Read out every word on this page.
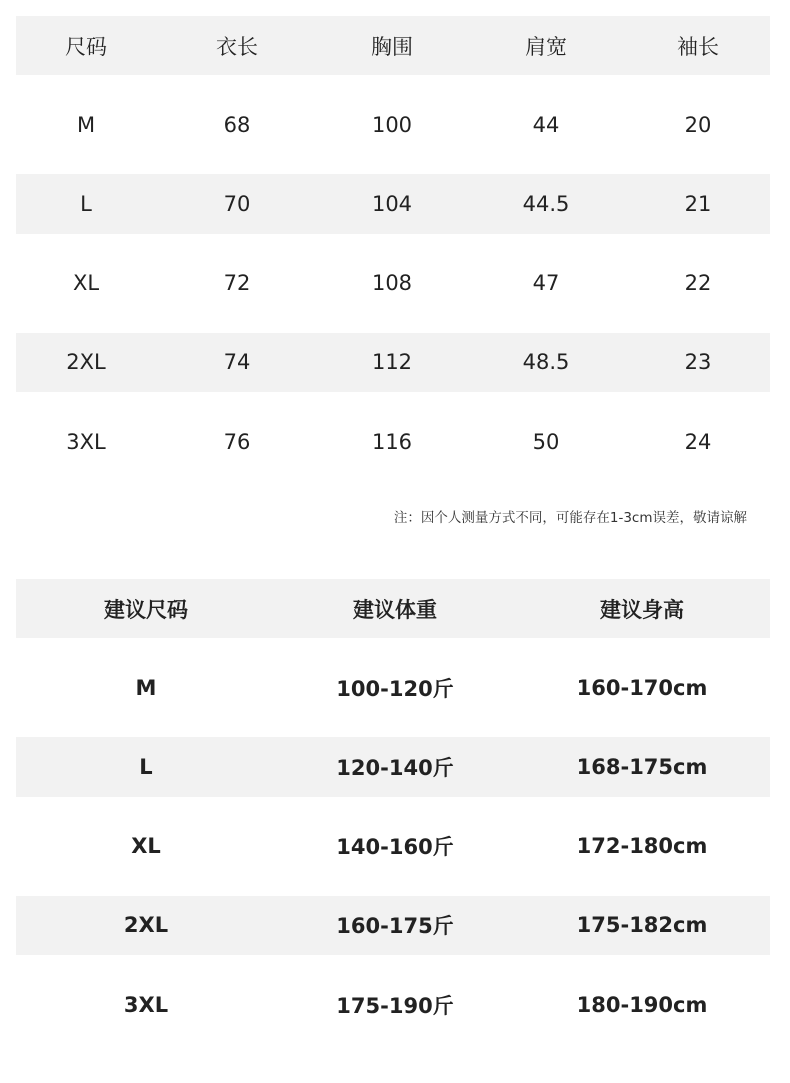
尺码	衣长	胸围	肩宽	袖长
M	68	100	44	20
L	70	104	44.5	21
XL	72	108	47	22
2XL	74	112	48.5	23
3XL	76	116	50	24
注：因个人测量方式不同，可能存在1-3cm误差，敬请谅解
建议尺码	建议体重	建议身高
M	100-120斤	160-170cm
L	120-140斤	168-175cm
XL	140-160斤	172-180cm
2XL	160-175斤	175-182cm
3XL	175-190斤	180-190cm
